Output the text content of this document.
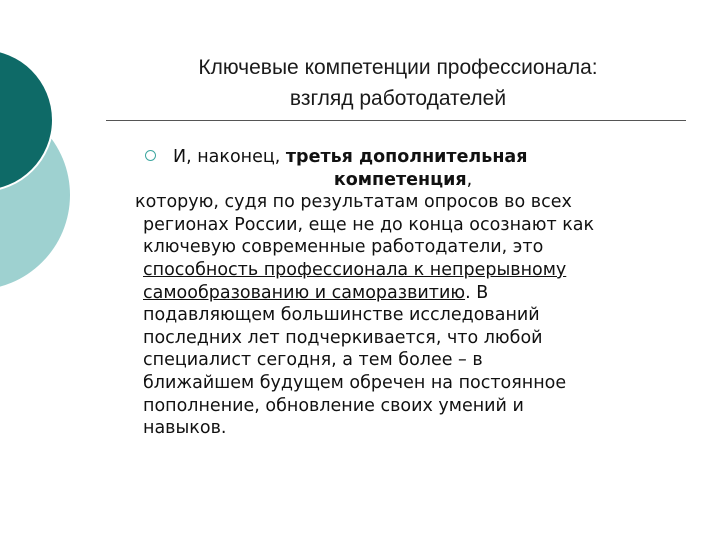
Ключевые компетенции профессионала:
взгляд работодателей
И, наконец, третья дополнительная
компетенция,
которую, судя по результатам опросов во всех
регионах России, еще не до конца осознают как
ключевую современные работодатели, это
способность профессионала к непрерывному
самообразованию и саморазвитию. В
подавляющем большинстве исследований
последних лет подчеркивается, что любой
специалист сегодня, а тем более – в
ближайшем будущем обречен на постоянное
пополнение, обновление своих умений и
навыков.
